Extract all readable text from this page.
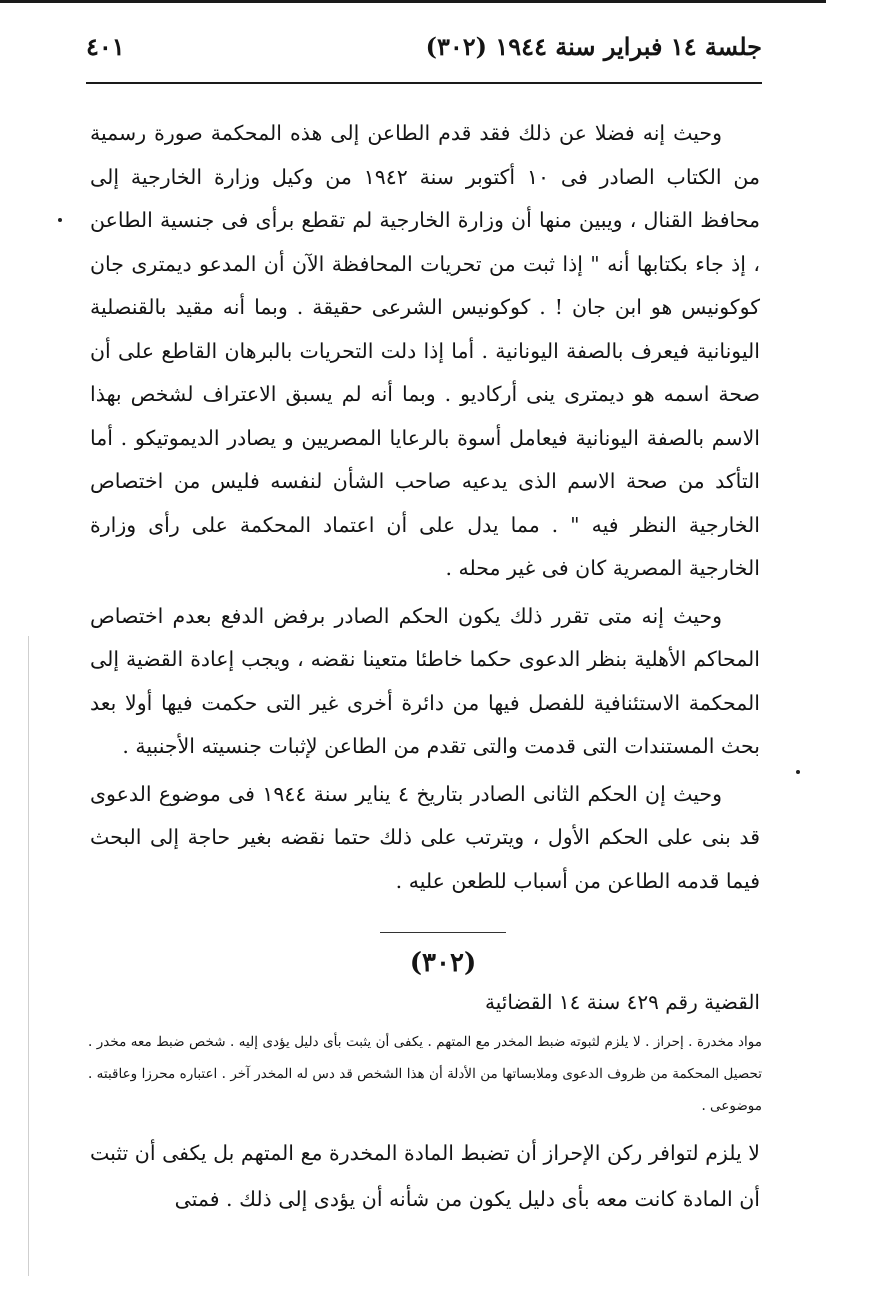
جلسة ١٤ فبراير سنة ١٩٤٤ (٣٠٢)
٤٠١

وحيث إنه فضلا عن ذلك فقد قدم الطاعن إلى هذه المحكمة صورة رسمية من الكتاب الصادر فى ١٠ أكتوبر سنة ١٩٤٢ من وكيل وزارة الخارجية إلى محافظ القنال ، ويبين منها أن وزارة الخارجية لم تقطع برأى فى جنسية الطاعن ، إذ جاء بكتابها أنه " إذا ثبت من تحريات المحافظة الآن أن المدعو ديمترى جان كوكونيس هو ابن جان ! . كوكونيس الشرعى حقيقة . وبما أنه مقيد بالقنصلية اليونانية فيعرف بالصفة اليونانية . أما إذا دلت التحريات بالبرهان القاطع على أن صحة اسمه هو ديمترى ينى أركاديو . وبما أنه لم يسبق الاعتراف لشخص بهذا الاسم بالصفة اليونانية فيعامل أسوة بالرعايا المصريين و يصادر الديموتيكو . أما التأكد من صحة الاسم الذى يدعيه صاحب الشأن لنفسه فليس من اختصاص الخارجية النظر فيه " . مما يدل على أن اعتماد المحكمة على رأى وزارة الخارجية المصرية كان فى غير محله .

وحيث إنه متى تقرر ذلك يكون الحكم الصادر برفض الدفع بعدم اختصاص المحاكم الأهلية بنظر الدعوى حكما خاطئا متعينا نقضه ، ويجب إعادة القضية إلى المحكمة الاستئنافية للفصل فيها من دائرة أخرى غير التى حكمت فيها أولا بعد بحث المستندات التى قدمت والتى تقدم من الطاعن لإثبات جنسيته الأجنبية .

وحيث إن الحكم الثانى الصادر بتاريخ ٤ يناير سنة ١٩٤٤ فى موضوع الدعوى قد بنى على الحكم الأول ، ويترتب على ذلك حتما نقضه بغير حاجة إلى البحث فيما قدمه الطاعن من أسباب للطعن عليه .

(٣٠٢)
القضية رقم ٤٢٩ سنة ١٤ القضائية

مواد مخدرة . إحراز . لا يلزم لثبوته ضبط المخدر مع المتهم . يكفى أن يثبت بأى دليل يؤدى إليه . شخص ضبط معه مخدر . تحصيل المحكمة من ظروف الدعوى وملابساتها من الأدلة أن هذا الشخص قد دس له المخدر آخر . اعتباره محرزا وعاقبته . موضوعى .

لا يلزم لتوافر ركن الإحراز أن تضبط المادة المخدرة مع المتهم بل يكفى أن تثبت أن المادة كانت معه بأى دليل يكون من شأنه أن يؤدى إلى ذلك . فمتى
